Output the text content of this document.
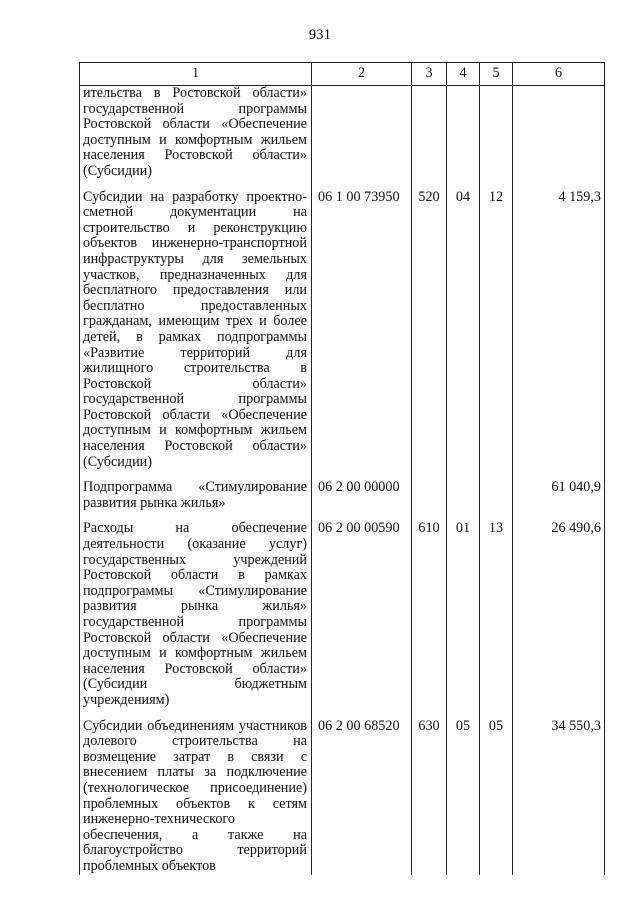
931
1	2	3	4	5	6
ительства в Ростовской области» государственной программы Ростовской области «Обеспечение доступным и комфортным жильем населения Ростовской области» (Субсидии)					

Субсидии на разработку проектно-сметной документации на строительство и реконструкцию объектов инженерно-транспортной инфраструктуры для земельных участков, предназначенных для бесплатного предоставления или бесплатно предоставленных гражданам, имеющим трех и более детей, в рамках подпрограммы «Развитие территорий для жилищного строительства в Ростовской области» государственной программы Ростовской области «Обеспечение доступным и комфортным жильем населения Ростовской области» (Субсидии)	06 1 00 73950	520	04	12	4 159,3

Подпрограмма «Стимулирование развития рынка жилья»	06 2 00 00000				61 040,9

Расходы на обеспечение деятельности (оказание услуг) государственных учреждений Ростовской области в рамках подпрограммы «Стимулирование развития рынка жилья» государственной программы Ростовской области «Обеспечение доступным и комфортным жильем населения Ростовской области» (Субсидии бюджетным учреждениям)	06 2 00 00590	610	01	13	26 490,6

Субсидии объединениям участников долевого строительства на возмещение затрат в связи с внесением платы за подключение (технологическое присоединение) проблемных объектов к сетям инженерно-технического обеспечения, а также на благоустройство территорий проблемных объектов	06 2 00 68520	630	05	05	34 550,3
